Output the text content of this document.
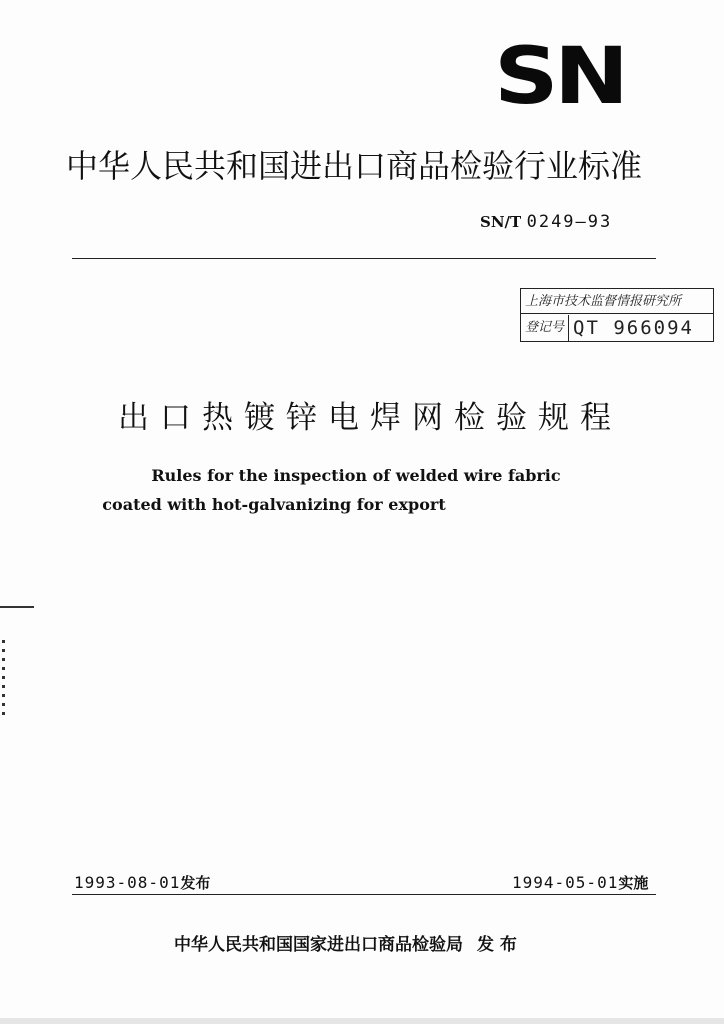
SN
中华人民共和国进出口商品检验行业标准
SN/T 0249—93
上海市技术监督情报研究所
登记号 QT 966094
出口热镀锌电焊网检验规程
Rules for the inspection of welded wire fabric
coated with hot-galvanizing for export
1993-08-01发布	1994-05-01实施
中华人民共和国国家进出口商品检验局 发 布
